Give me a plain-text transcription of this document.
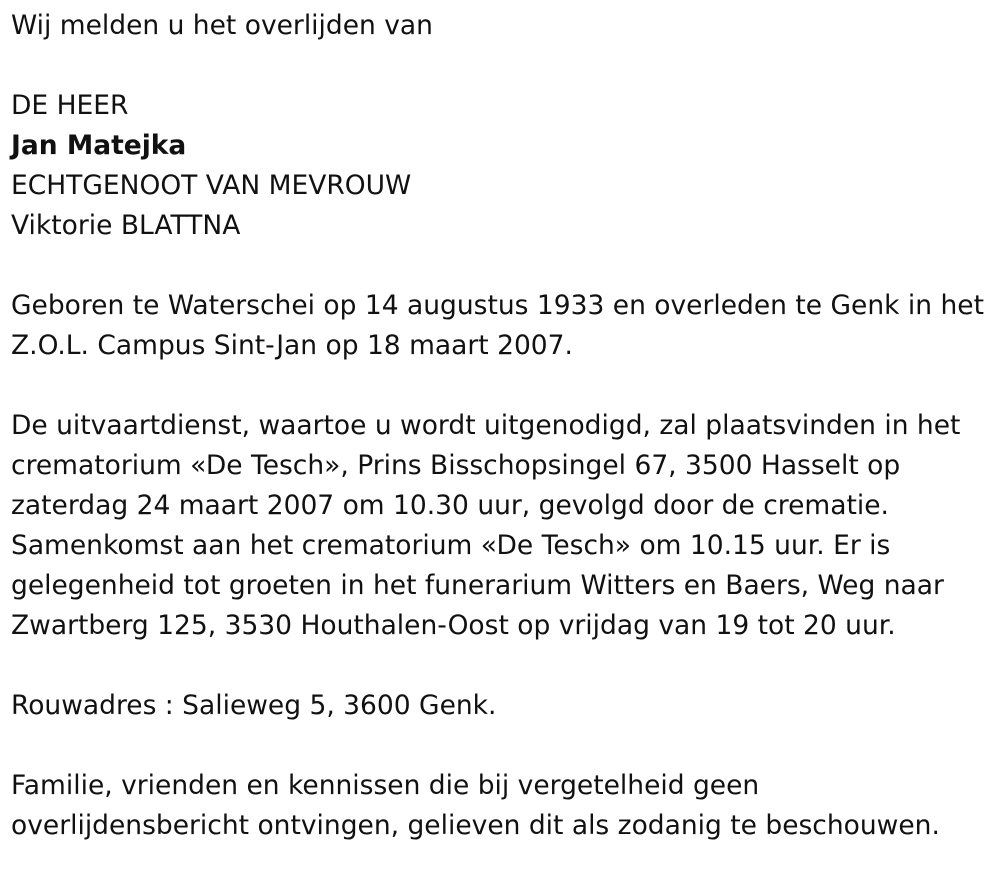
Wij melden u het overlijden van
DE HEER
Jan Matejka
ECHTGENOOT VAN MEVROUW
Viktorie BLATTNA
Geboren te Waterschei op 14 augustus 1933 en overleden te Genk in het Z.O.L. Campus Sint-Jan op 18 maart 2007.
De uitvaartdienst, waartoe u wordt uitgenodigd, zal plaatsvinden in het
crematorium «De Tesch», Prins Bisschopsingel 67, 3500 Hasselt op
zaterdag 24 maart 2007 om 10.30 uur, gevolgd door de crematie.
Samenkomst aan het crematorium «De Tesch» om 10.15 uur. Er is
gelegenheid tot groeten in het funerarium Witters en Baers, Weg naar
Zwartberg 125, 3530 Houthalen-Oost op vrijdag van 19 tot 20 uur.
Rouwadres : Salieweg 5, 3600 Genk.
Familie, vrienden en kennissen die bij vergetelheid geen
overlijdensbericht ontvingen, gelieven dit als zodanig te beschouwen.
